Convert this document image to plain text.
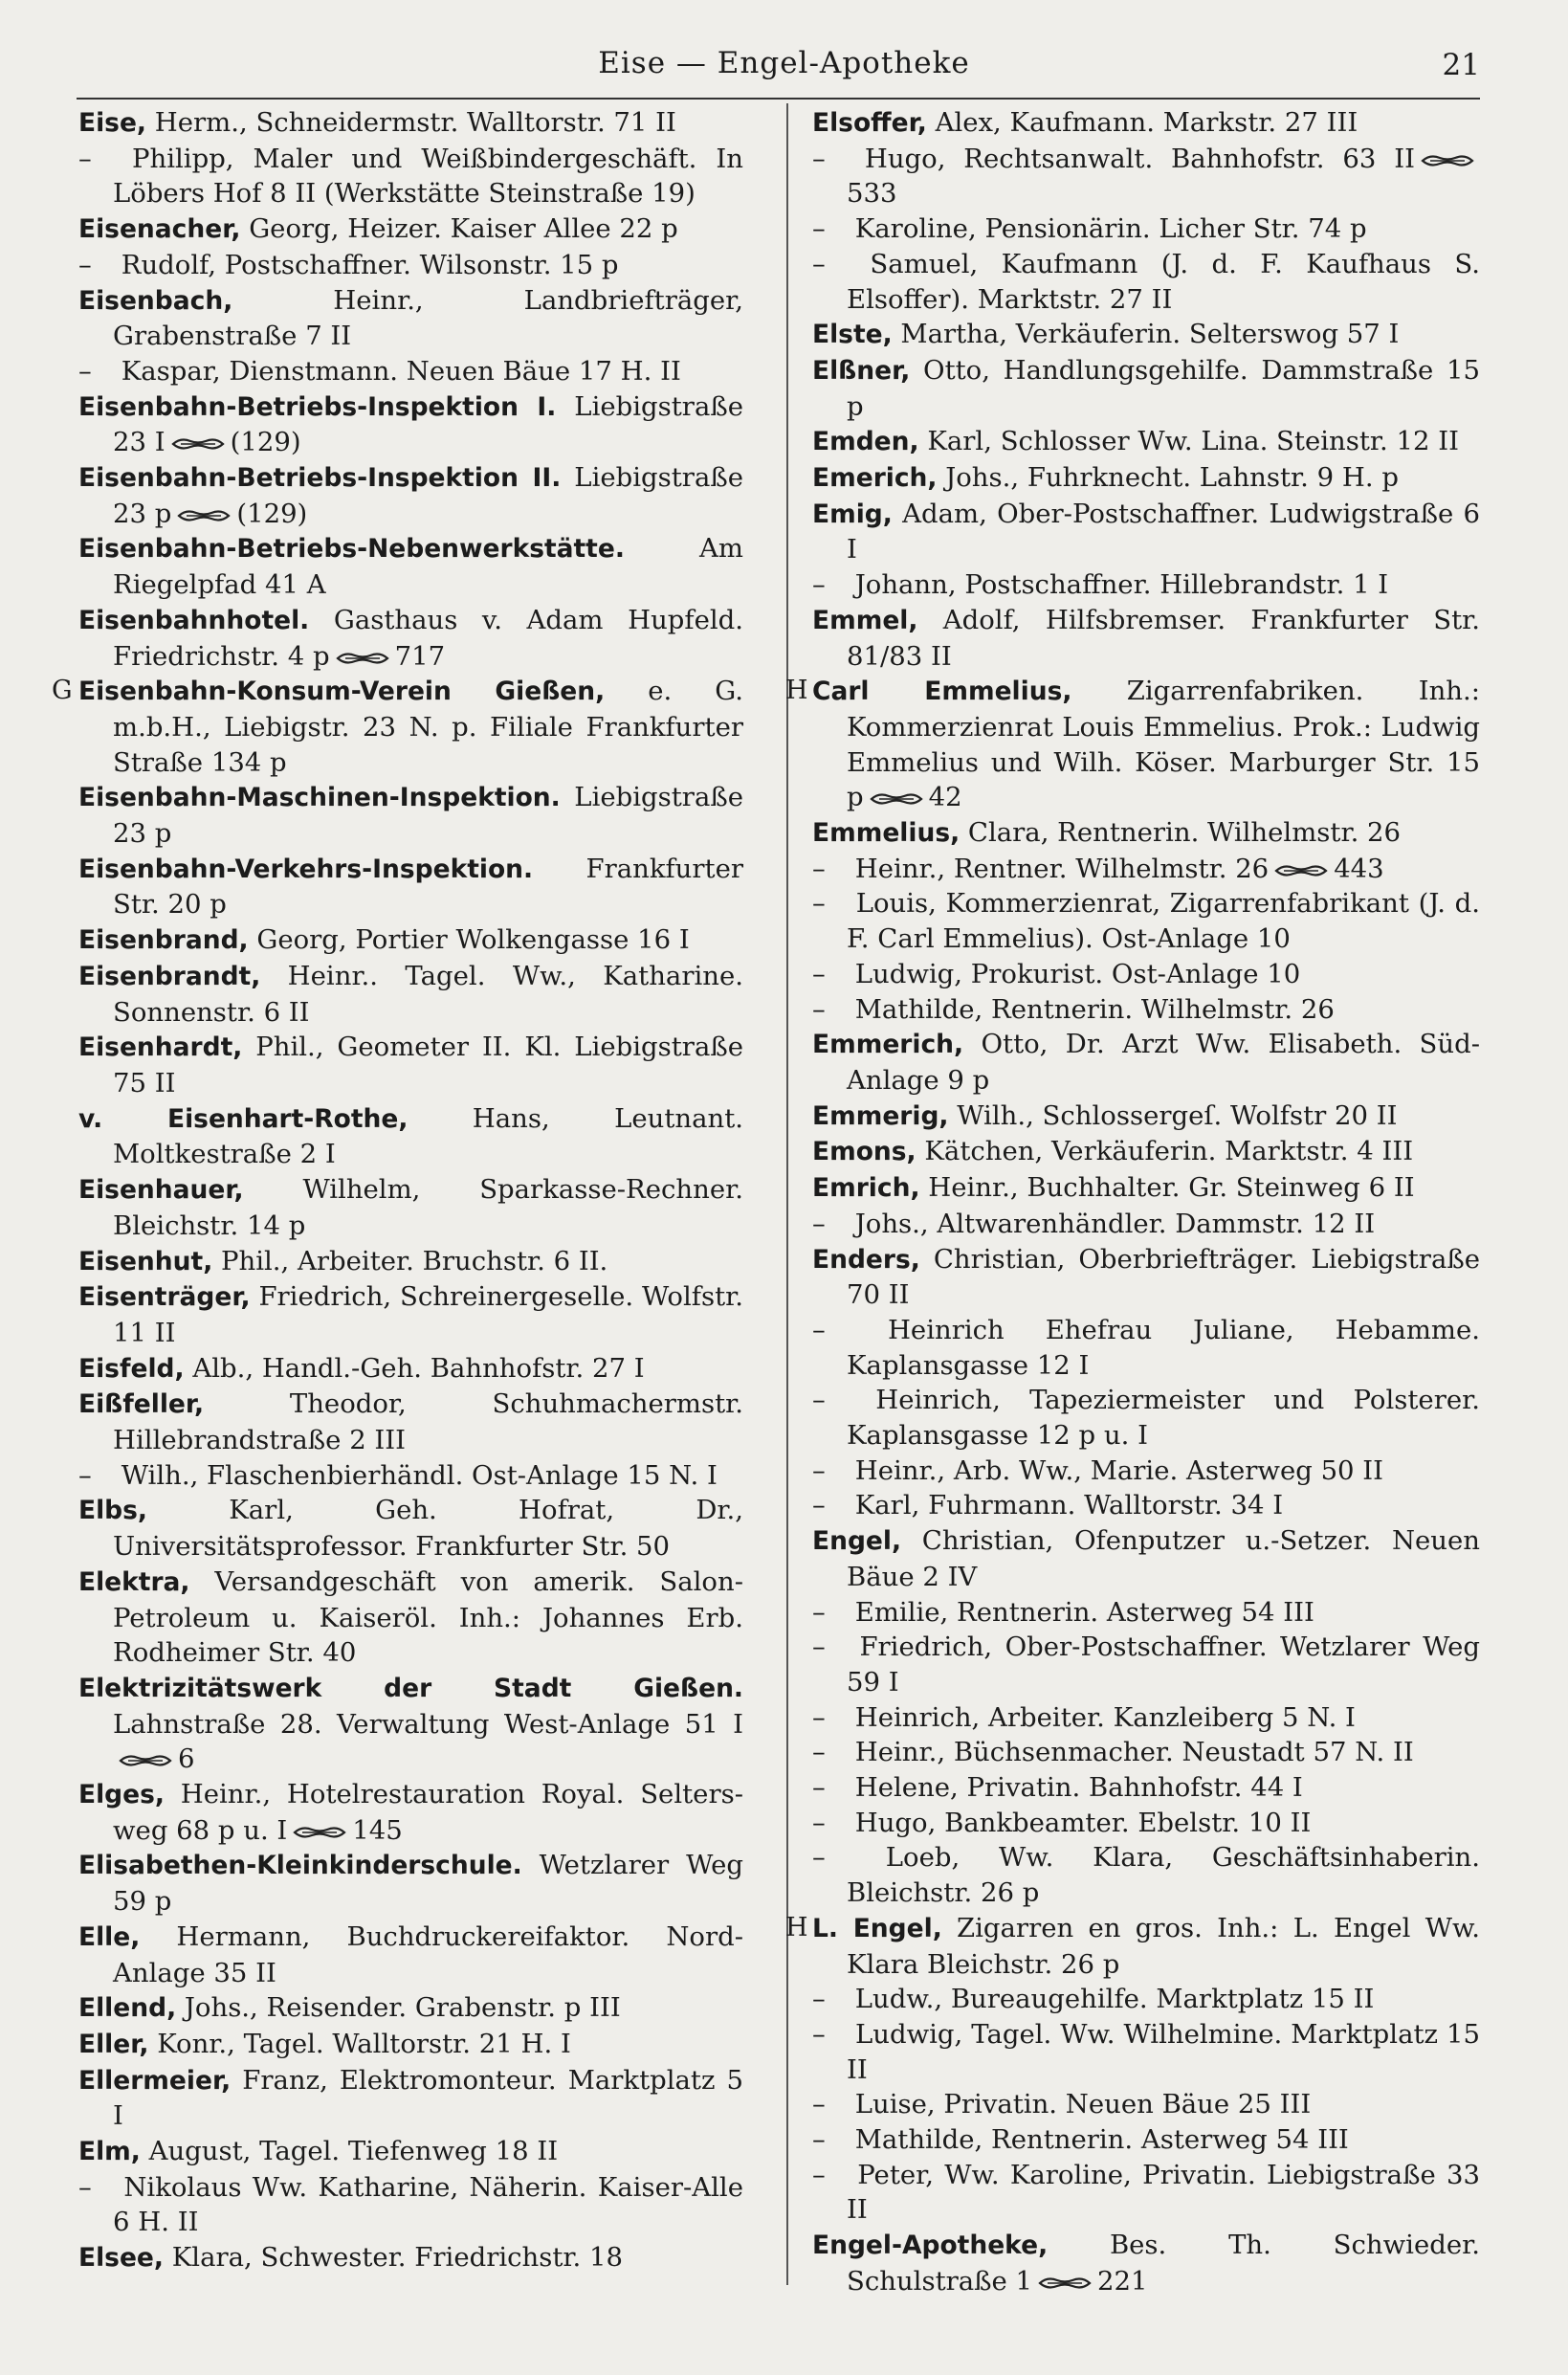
Eise — Engel-Apotheke	21
Eise, Herm., Schneidermstr. Walltorstr. 71 II
– Philipp, Maler und Weißbindergeschäft. In Löbers Hof 8 II (Werkstätte Steinstraße 19)
Eisenacher, Georg, Heizer. Kaiser Allee 22 p
– Rudolf, Postschaffner. Wilsonstr. 15 p
Eisenbach, Heinr., Landbriefträger, Grabenstraße 7 II
– Kaspar, Dienstmann. Neuen Bäue 17 H. II
Eisenbahn-Betriebs-Inspektion I. Liebigstraße 23 I (129)
Eisenbahn-Betriebs-Inspektion II. Liebigstraße 23 p (129)
Eisenbahn-Betriebs-Nebenwerkstätte. Am Riegelpfad 41 A
Eisenbahnhotel. Gasthaus v. Adam Hupfeld. Friedrichstr. 4 p 717
G Eisenbahn-Konsum-Verein Gießen, e. G. m.b.H., Liebigstr. 23 N. p. Filiale Frankfurter Straße 134 p
Eisenbahn-Maschinen-Inspektion. Liebigstraße 23 p
Eisenbahn-Verkehrs-Inspektion. Frankfurter Str. 20 p
Eisenbrand, Georg, Portier Wolkengasse 16 I
Eisenbrandt, Heinr.. Tagel. Ww., Katharine. Sonnenstr. 6 II
Eisenhardt, Phil., Geometer II. Kl. Liebigstraße 75 II
v. Eisenhart-Rothe, Hans, Leutnant. Moltkestraße 2 I
Eisenhauer, Wilhelm, Sparkasse-Rechner. Bleichstr. 14 p
Eisenhut, Phil., Arbeiter. Bruchstr. 6 II.
Eisenträger, Friedrich, Schreinergeselle. Wolfstr. 11 II
Eisfeld, Alb., Handl.-Geh. Bahnhofstr. 27 I
Eißfeller, Theodor, Schuhmachermstr. Hillebrandstraße 2 III
– Wilh., Flaschenbierhändl. Ost-Anlage 15 N. I
Elbs, Karl, Geh. Hofrat, Dr., Universitätsprofessor. Frankfurter Str. 50
Elektra, Versandgeschäft von amerik. Salon-Petroleum u. Kaiseröl. Inh.: Johannes Erb. Rodheimer Str. 40
Elektrizitätswerk der Stadt Gießen. Lahnstraße 28. Verwaltung West-Anlage 51 I6
Elges, Heinr., Hotelrestauration Royal. Selters-weg 68 p u. I 145
Elisabethen-Kleinkinderschule. Wetzlarer Weg 59 p
Elle, Hermann, Buchdruckereifaktor. Nord-Anlage 35 II
Ellend, Johs., Reisender. Grabenstr. p III
Eller, Konr., Tagel. Walltorstr. 21 H. I
Ellermeier, Franz, Elektromonteur. Marktplatz 5 I
Elm, August, Tagel. Tiefenweg 18 II
– Nikolaus Ww. Katharine, Näherin. Kaiser-Alle 6 H. II
Elsee, Klara, Schwester. Friedrichstr. 18
Elsoffer, Alex, Kaufmann. Markstr. 27 III
– Hugo, Rechtsanwalt. Bahnhofstr. 63 II533
– Karoline, Pensionärin. Licher Str. 74 p
– Samuel, Kaufmann (J. d. F. Kaufhaus S. Elsoffer). Marktstr. 27 II
Elste, Martha, Verkäuferin. Selterswog 57 I
Elßner, Otto, Handlungsgehilfe. Dammstraße 15 p
Emden, Karl, Schlosser Ww. Lina. Steinstr. 12 II
Emerich, Johs., Fuhrknecht. Lahnstr. 9 H. p
Emig, Adam, Ober-Postschaffner. Ludwigstraße 6 I
– Johann, Postschaffner. Hillebrandstr. 1 I
Emmel, Adolf, Hilfsbremser. Frankfurter Str. 81/83 II
H Carl Emmelius, Zigarrenfabriken. Inh.: Kommerzienrat Louis Emmelius. Prok.: Ludwig Emmelius und Wilh. Köser. Marburger Str. 15 p 42
Emmelius, Clara, Rentnerin. Wilhelmstr. 26
– Heinr., Rentner. Wilhelmstr. 26 443
– Louis, Kommerzienrat, Zigarrenfabrikant (J. d. F. Carl Emmelius). Ost-Anlage 10
– Ludwig, Prokurist. Ost-Anlage 10
– Mathilde, Rentnerin. Wilhelmstr. 26
Emmerich, Otto, Dr. Arzt Ww. Elisabeth. Süd-Anlage 9 p
Emmerig, Wilh., Schlossergeſ. Wolfstr 20 II
Emons, Kätchen, Verkäuferin. Marktstr. 4 III
Emrich, Heinr., Buchhalter. Gr. Steinweg 6 II
– Johs., Altwarenhändler. Dammstr. 12 II
Enders, Christian, Oberbriefträger. Liebigstraße 70 II
– Heinrich Ehefrau Juliane, Hebamme. Kaplansgasse 12 I
– Heinrich, Tapeziermeister und Polsterer. Kaplansgasse 12 p u. I
– Heinr., Arb. Ww., Marie. Asterweg 50 II
– Karl, Fuhrmann. Walltorstr. 34 I
Engel, Christian, Ofenputzer u.-Setzer. Neuen Bäue 2 IV
– Emilie, Rentnerin. Asterweg 54 III
– Friedrich, Ober-Postschaffner. Wetzlarer Weg 59 I
– Heinrich, Arbeiter. Kanzleiberg 5 N. I
– Heinr., Büchsenmacher. Neustadt 57 N. II
– Helene, Privatin. Bahnhofstr. 44 I
– Hugo, Bankbeamter. Ebelstr. 10 II
– Loeb, Ww. Klara, Geschäftsinhaberin. Bleichstr. 26 p
H L. Engel, Zigarren en gros. Inh.: L. Engel Ww. Klara Bleichstr. 26 p
– Ludw., Bureaugehilfe. Marktplatz 15 II
– Ludwig, Tagel. Ww. Wilhelmine. Marktplatz 15 II
– Luise, Privatin. Neuen Bäue 25 III
– Mathilde, Rentnerin. Asterweg 54 III
– Peter, Ww. Karoline, Privatin. Liebigstraße 33 II
Engel-Apotheke, Bes. Th. Schwieder. Schulstraße 1 221
